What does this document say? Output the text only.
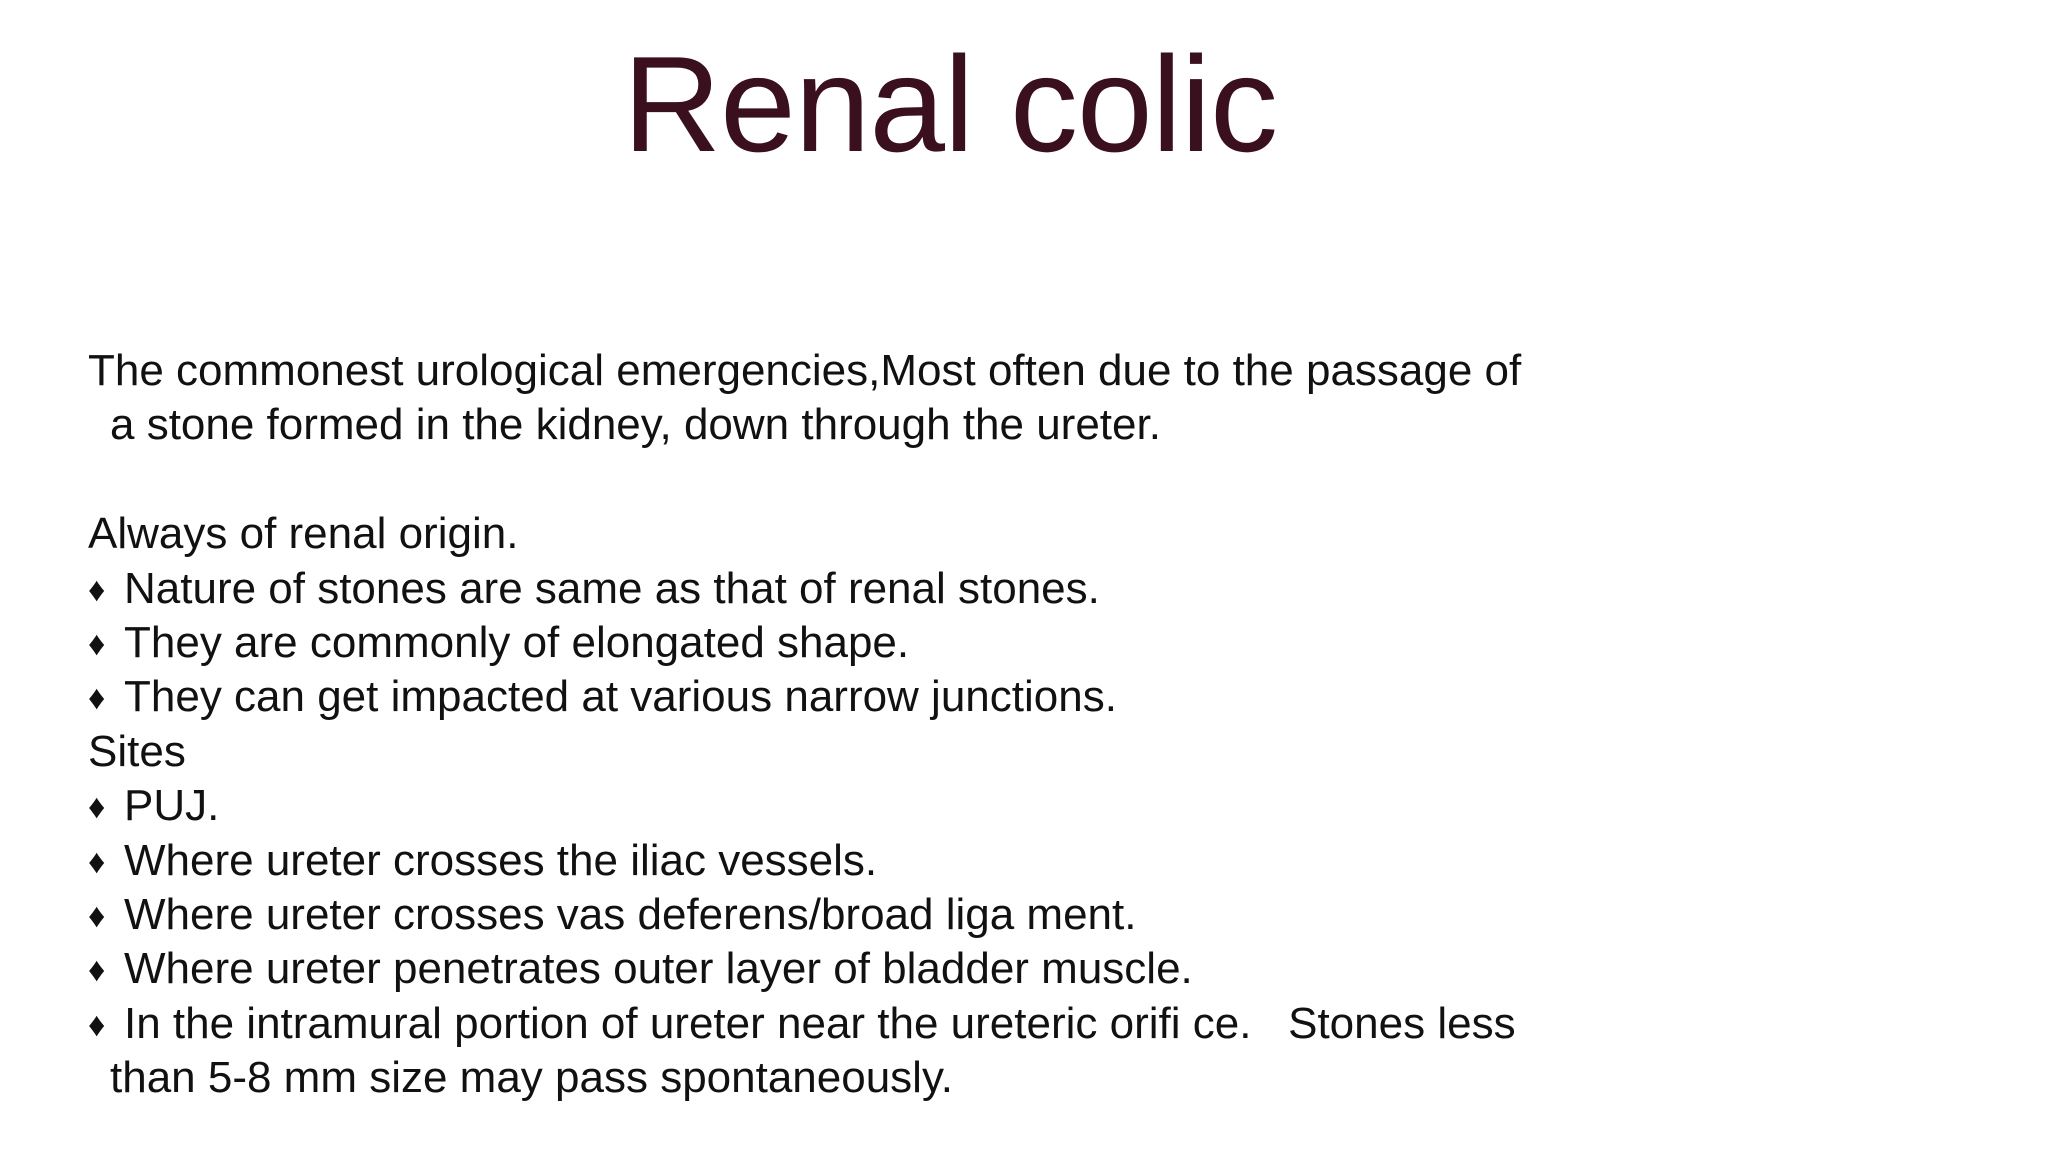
Renal colic
The commonest urological emergencies,Most often due to the passage of
a stone formed in the kidney, down through the ureter.
Always of renal origin.
♦ Nature of stones are same as that of renal stones.
♦ They are commonly of elongated shape.
♦ They can get impacted at various narrow junctions.
Sites
♦ PUJ.
♦ Where ureter crosses the iliac vessels.
♦ Where ureter crosses vas deferens/broad liga ment.
♦ Where ureter penetrates outer layer of bladder muscle.
♦ In the intramural portion of ureter near the ureteric orifi ce.   Stones less
than 5-8 mm size may pass spontaneously.
